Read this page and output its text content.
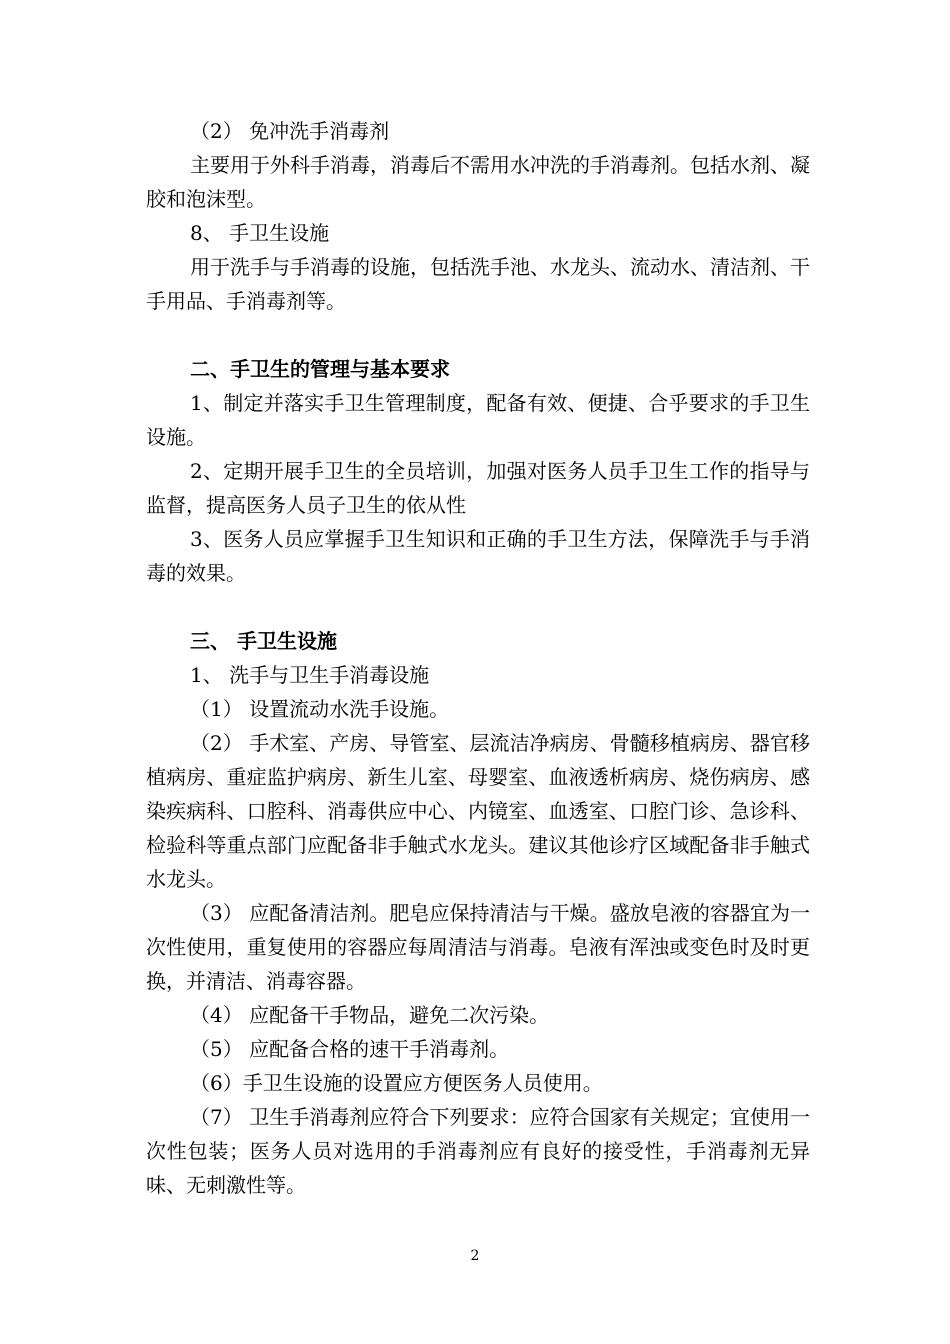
（2） 免冲洗手消毒剂

主要用于外科手消毒，消毒后不需用水冲洗的手消毒剂。包括水剂、凝胶和泡沫型。

8、 手卫生设施

用于洗手与手消毒的设施，包括洗手池、水龙头、流动水、清洁剂、干手用品、手消毒剂等。

二、手卫生的管理与基本要求

1、制定并落实手卫生管理制度，配备有效、便捷、合乎要求的手卫生设施。

2、定期开展手卫生的全员培训，加强对医务人员手卫生工作的指导与监督，提高医务人员子卫生的依从性

3、医务人员应掌握手卫生知识和正确的手卫生方法，保障洗手与手消毒的效果。

三、 手卫生设施

1、 洗手与卫生手消毒设施

（1） 设置流动水洗手设施。

（2） 手术室、产房、导管室、层流洁净病房、骨髓移植病房、器官移植病房、重症监护病房、新生儿室、母婴室、血液透析病房、烧伤病房、感染疾病科、口腔科、消毒供应中心、内镜室、血透室、口腔门诊、急诊科、检验科等重点部门应配备非手触式水龙头。建议其他诊疗区域配备非手触式水龙头。

（3） 应配备清洁剂。肥皂应保持清洁与干燥。盛放皂液的容器宜为一次性使用，重复使用的容器应每周清洁与消毒。皂液有浑浊或变色时及时更换，并清洁、消毒容器。

（4） 应配备干手物品，避免二次污染。

（5） 应配备合格的速干手消毒剂。

（6）手卫生设施的设置应方便医务人员使用。

（7） 卫生手消毒剂应符合下列要求：应符合国家有关规定；宜使用一次性包装；医务人员对选用的手消毒剂应有良好的接受性，手消毒剂无异味、无刺激性等。

2
